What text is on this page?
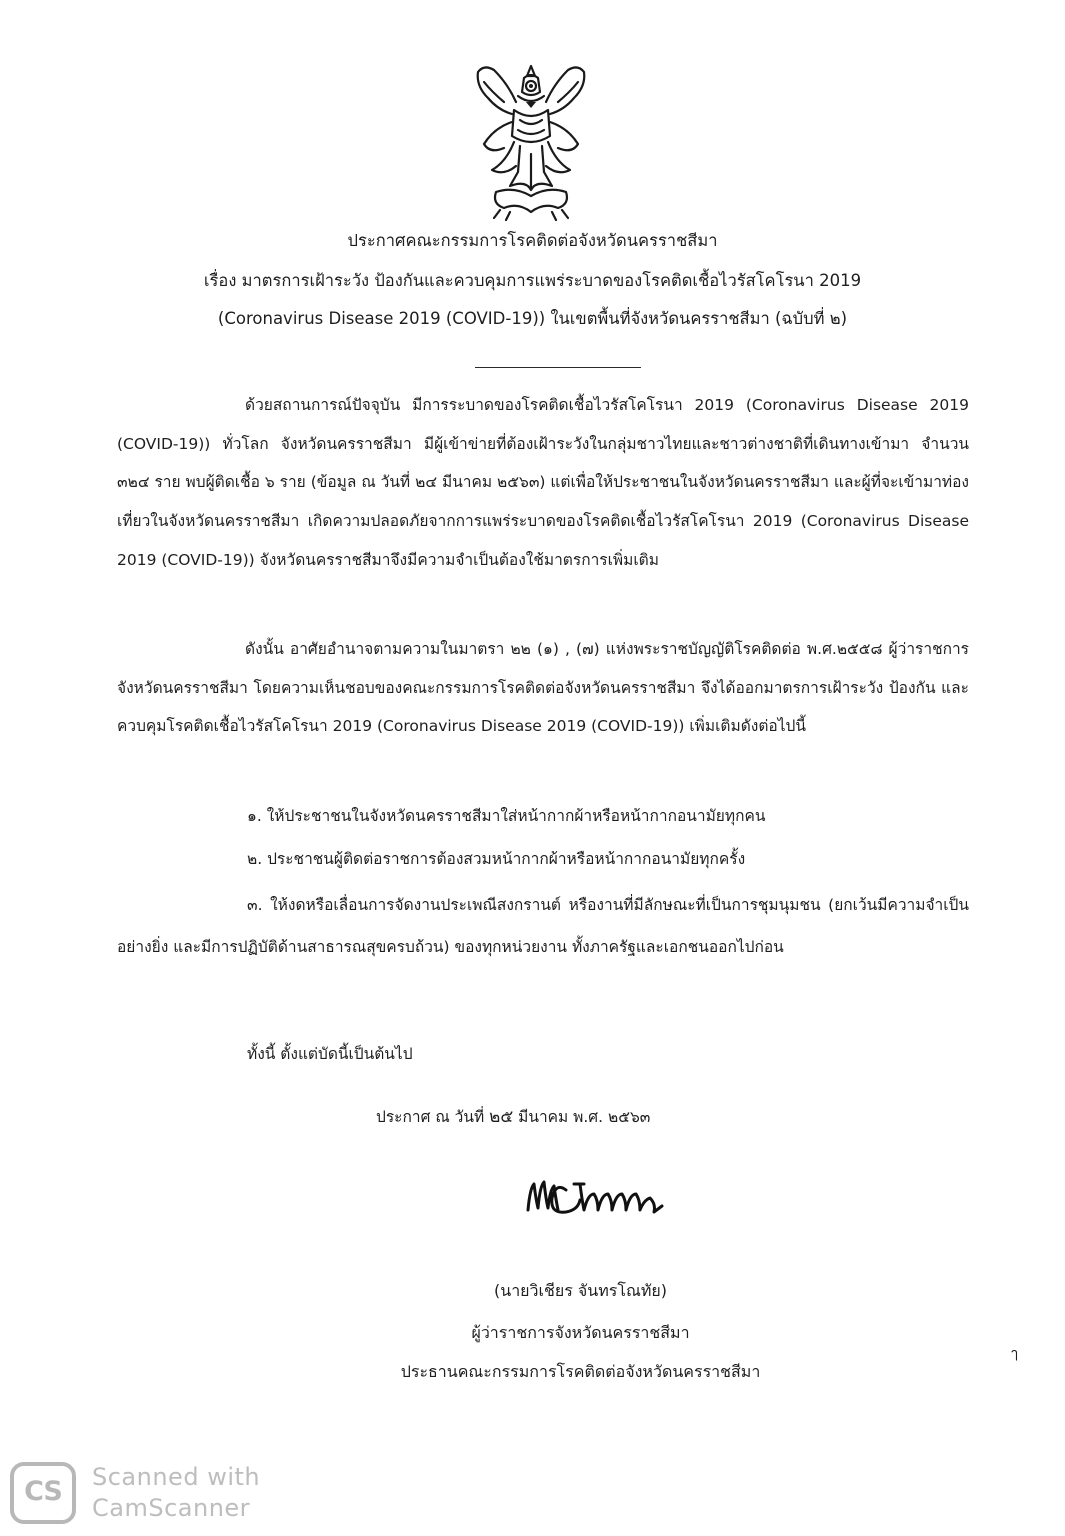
ประกาศคณะกรรมการโรคติดต่อจังหวัดนครราชสีมา
เรื่อง มาตรการเฝ้าระวัง ป้องกันและควบคุมการแพร่ระบาดของโรคติดเชื้อไวรัสโคโรนา 2019
(Coronavirus Disease 2019 (COVID-19)) ในเขตพื้นที่จังหวัดนครราชสีมา (ฉบับที่ ๒)
ด้วยสถานการณ์ปัจจุบัน มีการระบาดของโรคติดเชื้อไวรัสโคโรนา 2019 (Coronavirus Disease 2019 (COVID-19)) ทั่วโลก จังหวัดนครราชสีมา มีผู้เข้าข่ายที่ต้องเฝ้าระวังในกลุ่มชาวไทยและชาวต่างชาติที่เดินทางเข้ามา จำนวน ๓๒๔ ราย พบผู้ติดเชื้อ ๖ ราย (ข้อมูล ณ วันที่ ๒๔ มีนาคม ๒๕๖๓) แต่เพื่อให้ประชาชนในจังหวัดนครราชสีมา และผู้ที่จะเข้ามาท่องเที่ยวในจังหวัดนครราชสีมา เกิดความปลอดภัยจากการแพร่ระบาดของโรคติดเชื้อไวรัสโคโรนา 2019 (Coronavirus Disease 2019 (COVID-19)) จังหวัดนครราชสีมาจึงมีความจำเป็นต้องใช้มาตรการเพิ่มเติม
ดังนั้น อาศัยอำนาจตามความในมาตรา ๒๒ (๑) , (๗) แห่งพระราชบัญญัติโรคติดต่อ พ.ศ.๒๕๕๘ ผู้ว่าราชการจังหวัดนครราชสีมา โดยความเห็นชอบของคณะกรรมการโรคติดต่อจังหวัดนครราชสีมา จึงได้ออกมาตรการเฝ้าระวัง ป้องกัน และควบคุมโรคติดเชื้อไวรัสโคโรนา 2019 (Coronavirus Disease 2019 (COVID-19)) เพิ่มเติมดังต่อไปนี้
๑. ให้ประชาชนในจังหวัดนครราชสีมาใส่หน้ากากผ้าหรือหน้ากากอนามัยทุกคน
๒. ประชาชนผู้ติดต่อราชการต้องสวมหน้ากากผ้าหรือหน้ากากอนามัยทุกครั้ง
๓. ให้งดหรือเลื่อนการจัดงานประเพณีสงกรานต์ หรืองานที่มีลักษณะที่เป็นการชุมนุมชน (ยกเว้นมีความจำเป็นอย่างยิ่ง และมีการปฏิบัติด้านสาธารณสุขครบถ้วน) ของทุกหน่วยงาน ทั้งภาครัฐและเอกชนออกไปก่อน
ทั้งนี้ ตั้งแต่บัดนี้เป็นต้นไป
ประกาศ ณ วันที่ ๒๕ มีนาคม พ.ศ. ๒๕๖๓
(นายวิเชียร จันทรโณทัย)
ผู้ว่าราชการจังหวัดนครราชสีมา
ประธานคณะกรรมการโรคติดต่อจังหวัดนครราชสีมา
ๅ
CS	Scanned with
CamScanner
